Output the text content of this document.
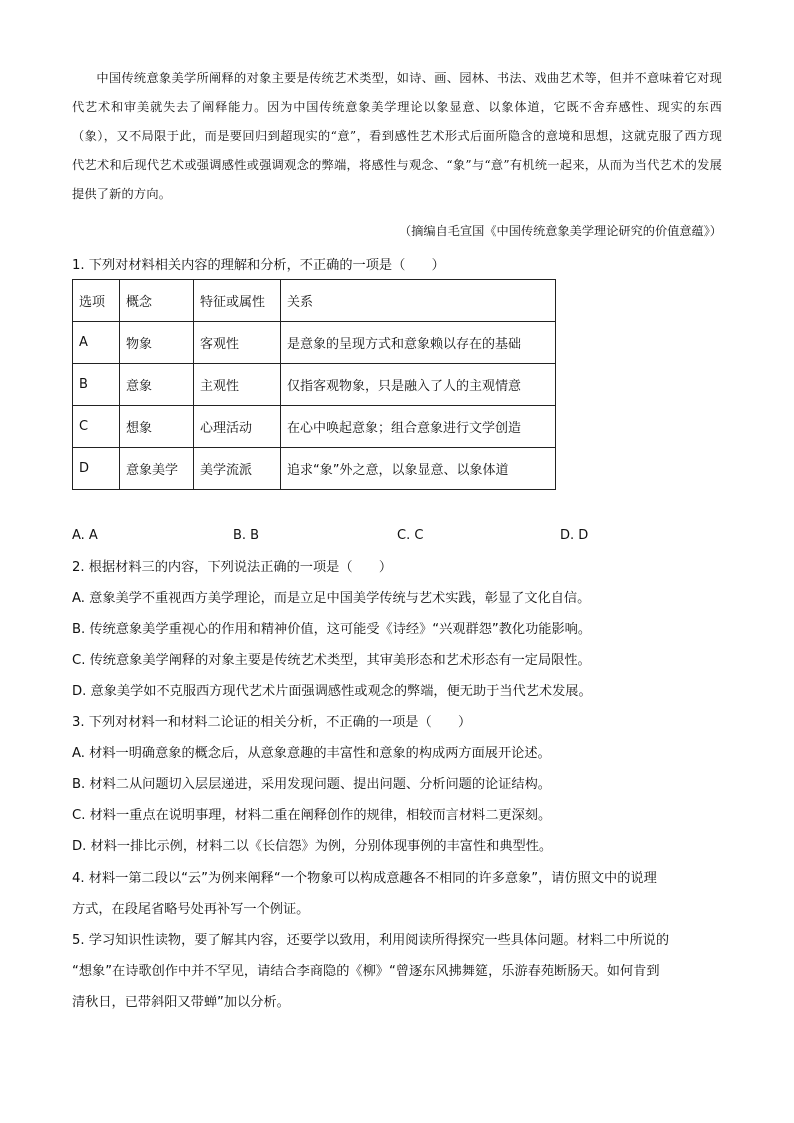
中国传统意象美学所阐释的对象主要是传统艺术类型，如诗、画、园林、书法、戏曲艺术等，但并不意味着它对现代艺术和审美就失去了阐释能力。因为中国传统意象美学理论以象显意、以象体道，它既不舍弃感性、现实的东西（象），又不局限于此，而是要回归到超现实的“意”，看到感性艺术形式后面所隐含的意境和思想，这就克服了西方现代艺术和后现代艺术或强调感性或强调观念的弊端，将感性与观念、“象”与“意”有机统一起来，从而为当代艺术的发展提供了新的方向。

（摘编自毛宣国《中国传统意象美学理论研究的价值意蕴》）

1. 下列对材料相关内容的理解和分析，不正确的一项是（　　）

选项	概念	特征或属性	关系
A	物象	客观性	是意象的呈现方式和意象赖以存在的基础
B	意象	主观性	仅指客观物象，只是融入了人的主观情意
C	想象	心理活动	在心中唤起意象；组合意象进行文学创造
D	意象美学	美学流派	追求“象”外之意，以象显意、以象体道
A. A	B. B	C. C	D. D

2. 根据材料三的内容，下列说法正确的一项是（　　）

A. 意象美学不重视西方美学理论，而是立足中国美学传统与艺术实践，彰显了文化自信。

B. 传统意象美学重视心的作用和精神价值，这可能受《诗经》“兴观群怨”教化功能影响。

C. 传统意象美学阐释的对象主要是传统艺术类型，其审美形态和艺术形态有一定局限性。

D. 意象美学如不克服西方现代艺术片面强调感性或观念的弊端，便无助于当代艺术发展。

3. 下列对材料一和材料二论证的相关分析，不正确的一项是（　　）

A. 材料一明确意象的概念后，从意象意趣的丰富性和意象的构成两方面展开论述。

B. 材料二从问题切入层层递进，采用发现问题、提出问题、分析问题的论证结构。

C. 材料一重点在说明事理，材料二重在阐释创作的规律，相较而言材料二更深刻。

D. 材料一排比示例，材料二以《长信怨》为例，分别体现事例的丰富性和典型性。

4. 材料一第二段以“云”为例来阐释“一个物象可以构成意趣各不相同的许多意象”，请仿照文中的说理

方式，在段尾省略号处再补写一个例证。

5. 学习知识性读物，要了解其内容，还要学以致用，利用阅读所得探究一些具体问题。材料二中所说的

“想象”在诗歌创作中并不罕见，请结合李商隐的《柳》“曾逐东风拂舞筵，乐游春苑断肠天。如何肯到

清秋日，已带斜阳又带蝉”加以分析。
